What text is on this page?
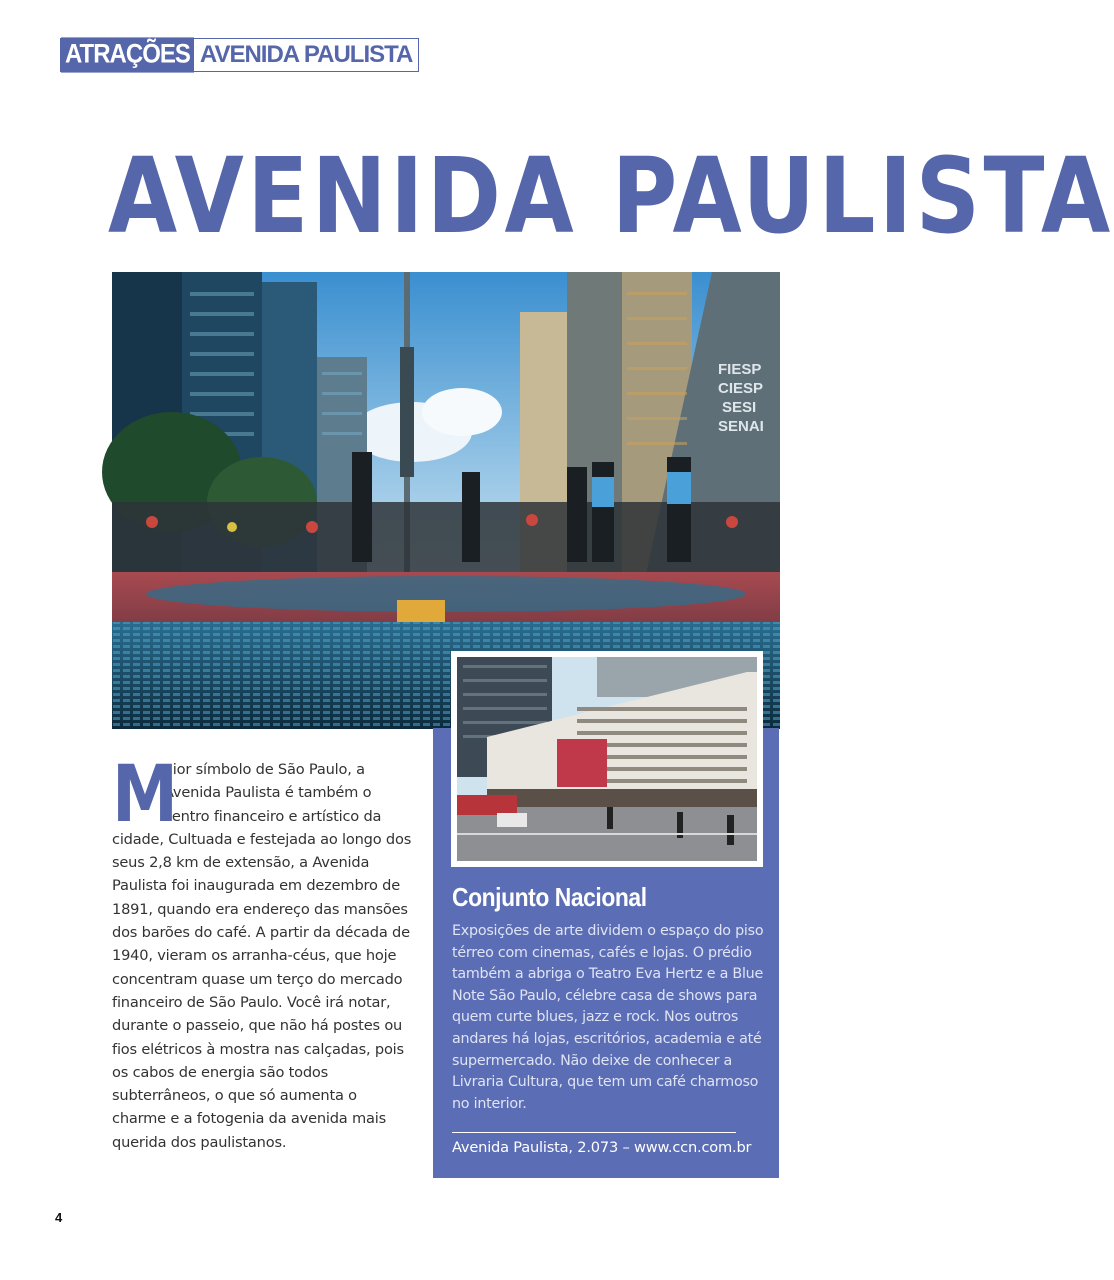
ATRAÇÕES AVENIDA PAULISTA
AVENIDA PAULISTA
FIESP
CIESP
SESI
SENAI

M
aior símbolo de São Paulo, a Avenida Paulista é também o centro financeiro e artístico da cidade, Cultuada e festejada ao longo dos seus 2,8 km de extensão, a Avenida Paulista foi inaugurada em dezembro de 1891, quando era endereço das mansões dos barões do café. A partir da década de 1940, vieram os arranha-céus, que hoje concentram quase um terço do mercado financeiro de São Paulo. Você irá notar, durante o passeio, que não há postes ou fios elétricos à mostra nas calçadas, pois os cabos de energia são todos subterrâneos, o que só aumenta o charme e a fotogenia da avenida mais querida dos paulistanos.

Conjunto Nacional

Exposições de arte dividem o espaço do piso térreo com cinemas, cafés e lojas. O prédio também a abriga o Teatro Eva Hertz e a Blue Note São Paulo, célebre casa de shows para quem curte blues, jazz e rock. Nos outros andares há lojas, escritórios, academia e até supermercado. Não deixe de conhecer a Livraria Cultura, que tem um café charmoso no interior.

Avenida Paulista, 2.073 – www.ccn.com.br
4
